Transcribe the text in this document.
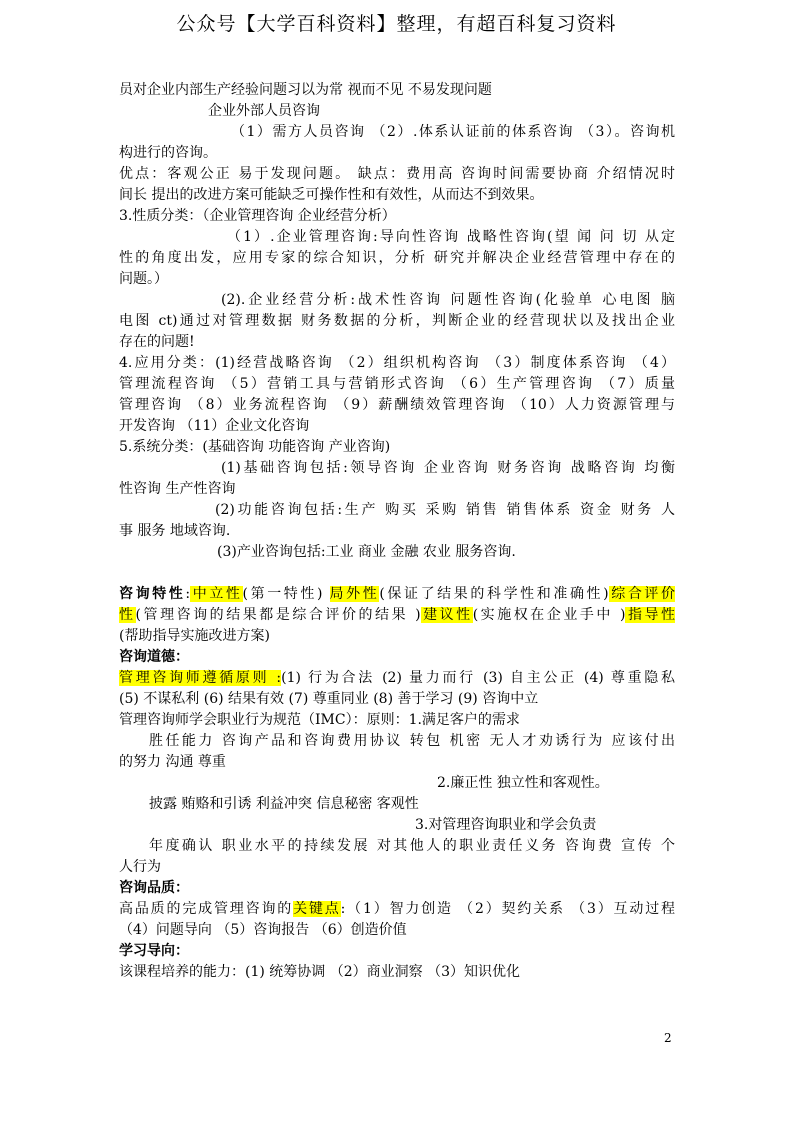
公众号【大学百科资料】整理，有超百科复习资料
员对企业内部生产经验问题习以为常 视而不见 不易发现问题
企业外部人员咨询
（1）需方人员咨询 （2）.体系认证前的体系咨询 （3）。咨询机
构进行的咨询。
优点：客观公正 易于发现问题。 缺点：费用高 咨询时间需要协商 介绍情况时
间长 提出的改进方案可能缺乏可操作性和有效性，从而达不到效果。
3.性质分类：（企业管理咨询 企业经营分析）
（1）.企业管理咨询:导向性咨询 战略性咨询(望 闻 问 切 从定
性的角度出发，应用专家的综合知识，分析 研究并解决企业经营管理中存在的
问题。）
(2).企业经营分析:战术性咨询 问题性咨询(化验单 心电图 脑
电图 ct)通过对管理数据 财务数据的分析，判断企业的经营现状以及找出企业
存在的问题!
4.应用分类：(1)经营战略咨询 （2）组织机构咨询 （3）制度体系咨询 （4）
管理流程咨询 （5）营销工具与营销形式咨询 （6）生产管理咨询 （7）质量
管理咨询 （8）业务流程咨询 （9）薪酬绩效管理咨询 （10）人力资源管理与
开发咨询 （11）企业文化咨询
5.系统分类：(基础咨询 功能咨询 产业咨询)
(1)基础咨询包括:领导咨询 企业咨询 财务咨询 战略咨询 均衡
性咨询 生产性咨询
(2)功能咨询包括:生产 购买 采购 销售 销售体系 资金 财务 人
事 服务 地域咨询.
(3)产业咨询包括:工业 商业 金融 农业 服务咨询.
咨询特性:中立性(第一特性) 局外性(保证了结果的科学性和准确性)综合评价
性(管理咨询的结果都是综合评价的结果 )建议性(实施权在企业手中 )指导性
(帮助指导实施改进方案)
咨询道德：
管理咨询师遵循原则 :(1) 行为合法 (2) 量力而行 (3) 自主公正 (4) 尊重隐私
(5) 不谋私利 (6) 结果有效 (7) 尊重同业 (8) 善于学习 (9) 咨询中立
管理咨询师学会职业行为规范（IMC）：原则：1.满足客户的需求
胜任能力 咨询产品和咨询费用协议 转包 机密 无人才劝诱行为 应该付出
的努力 沟通 尊重
2.廉正性 独立性和客观性。
披露 贿赂和引诱 利益冲突 信息秘密 客观性
3.对管理咨询职业和学会负责
年度确认 职业水平的持续发展 对其他人的职业责任义务 咨询费 宣传 个
人行为
咨询品质：
高品质的完成管理咨询的关键点:（1）智力创造 （2）契约关系 （3）互动过程
（4）问题导向 （5）咨询报告 （6）创造价值
学习导向：
该课程培养的能力：(1) 统筹协调 （2）商业洞察 （3）知识优化
2
